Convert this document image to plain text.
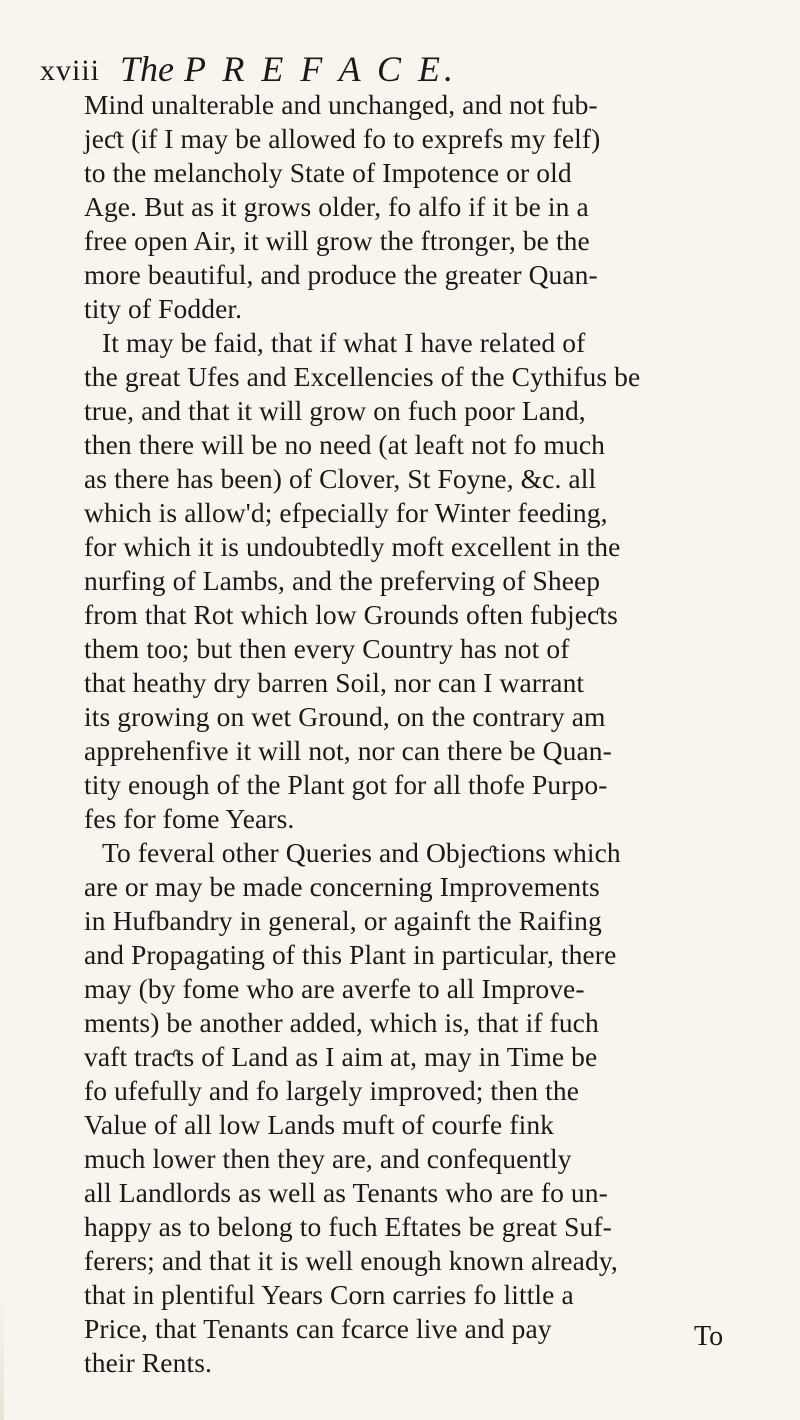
xviii The P R E F A C E.
Mind unalterable and unchanged, and not fub-
jeƈt (if I may be allowed fo to exprefs my felf)
to the melancholy State of Impotence or old
Age. But as it grows older, fo alfo if it be in a
free open Air, it will grow the ftronger, be the
more beautiful, and produce the greater Quan-
tity of Fodder.
It may be faid, that if what I have related of
the great Ufes and Excellencies of the Cythifus be
true, and that it will grow on fuch poor Land,
then there will be no need (at leaft not fo much
as there has been) of Clover, St Foyne, &c. all
which is allow'd; efpecially for Winter feeding,
for which it is undoubtedly moft excellent in the
nurfing of Lambs, and the preferving of Sheep
from that Rot which low Grounds often fubjeƈts
them too; but then every Country has not of
that heathy dry barren Soil, nor can I warrant
its growing on wet Ground, on the contrary am
apprehenfive it will not, nor can there be Quan-
tity enough of the Plant got for all thofe Purpo-
fes for fome Years.
To feveral other Queries and Objeƈtions which
are or may be made concerning Improvements
in Hufbandry in general, or againft the Raifing
and Propagating of this Plant in particular, there
may (by fome who are averfe to all Improve-
ments) be another added, which is, that if fuch
vaft traƈts of Land as I aim at, may in Time be
fo ufefully and fo largely improved; then the
Value of all low Lands muft of courfe fink
much lower then they are, and confequently
all Landlords as well as Tenants who are fo un-
happy as to belong to fuch Eftates be great Suf-
ferers; and that it is well enough known already,
that in plentiful Years Corn carries fo little a
Price, that Tenants can fcarce live and pay
their Rents.
To
